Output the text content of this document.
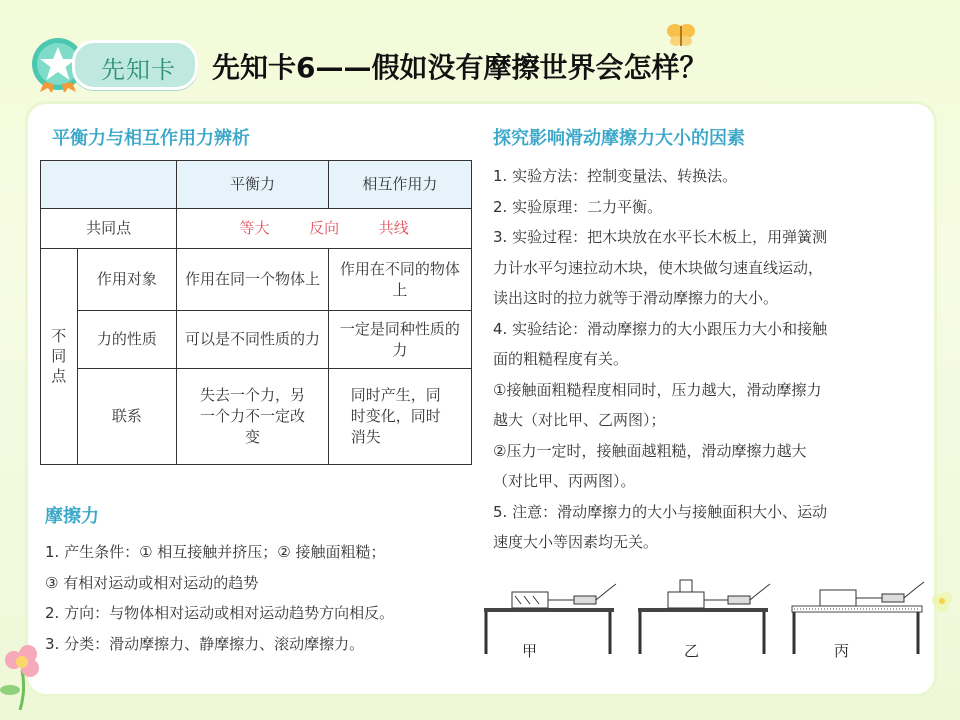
先知卡 先知卡6——假如没有摩擦世界会怎样？
平衡力与相互作用力辨析
		平衡力	相互作用力
共同点		等大 反向 共线	
不同点	作用对象	作用在同一个物体上	作用在不同的物体上
	力的性质	可以是不同性质的力	一定是同种性质的力
	联系	失去一个力，另一个力不一定改变	同时产生，同时变化，同时消失
摩擦力
1. 产生条件：① 相互接触并挤压；② 接触面粗糙；
③ 有相对运动或相对运动的趋势
2. 方向：与物体相对运动或相对运动趋势方向相反。
3. 分类：滑动摩擦力、静摩擦力、滚动摩擦力。
探究影响滑动摩擦力大小的因素
1. 实验方法：控制变量法、转换法。
2. 实验原理：二力平衡。
3. 实验过程：把木块放在水平长木板上，用弹簧测
力计水平匀速拉动木块，使木块做匀速直线运动，
读出这时的拉力就等于滑动摩擦力的大小。
4. 实验结论：滑动摩擦力的大小跟压力大小和接触
面的粗糙程度有关。
①接触面粗糙程度相同时，压力越大，滑动摩擦力
越大（对比甲、乙两图）；
②压力一定时，接触面越粗糙，滑动摩擦力越大
（对比甲、丙两图）。
5. 注意：滑动摩擦力的大小与接触面积大小、运动
速度大小等因素均无关。
甲	乙	丙
